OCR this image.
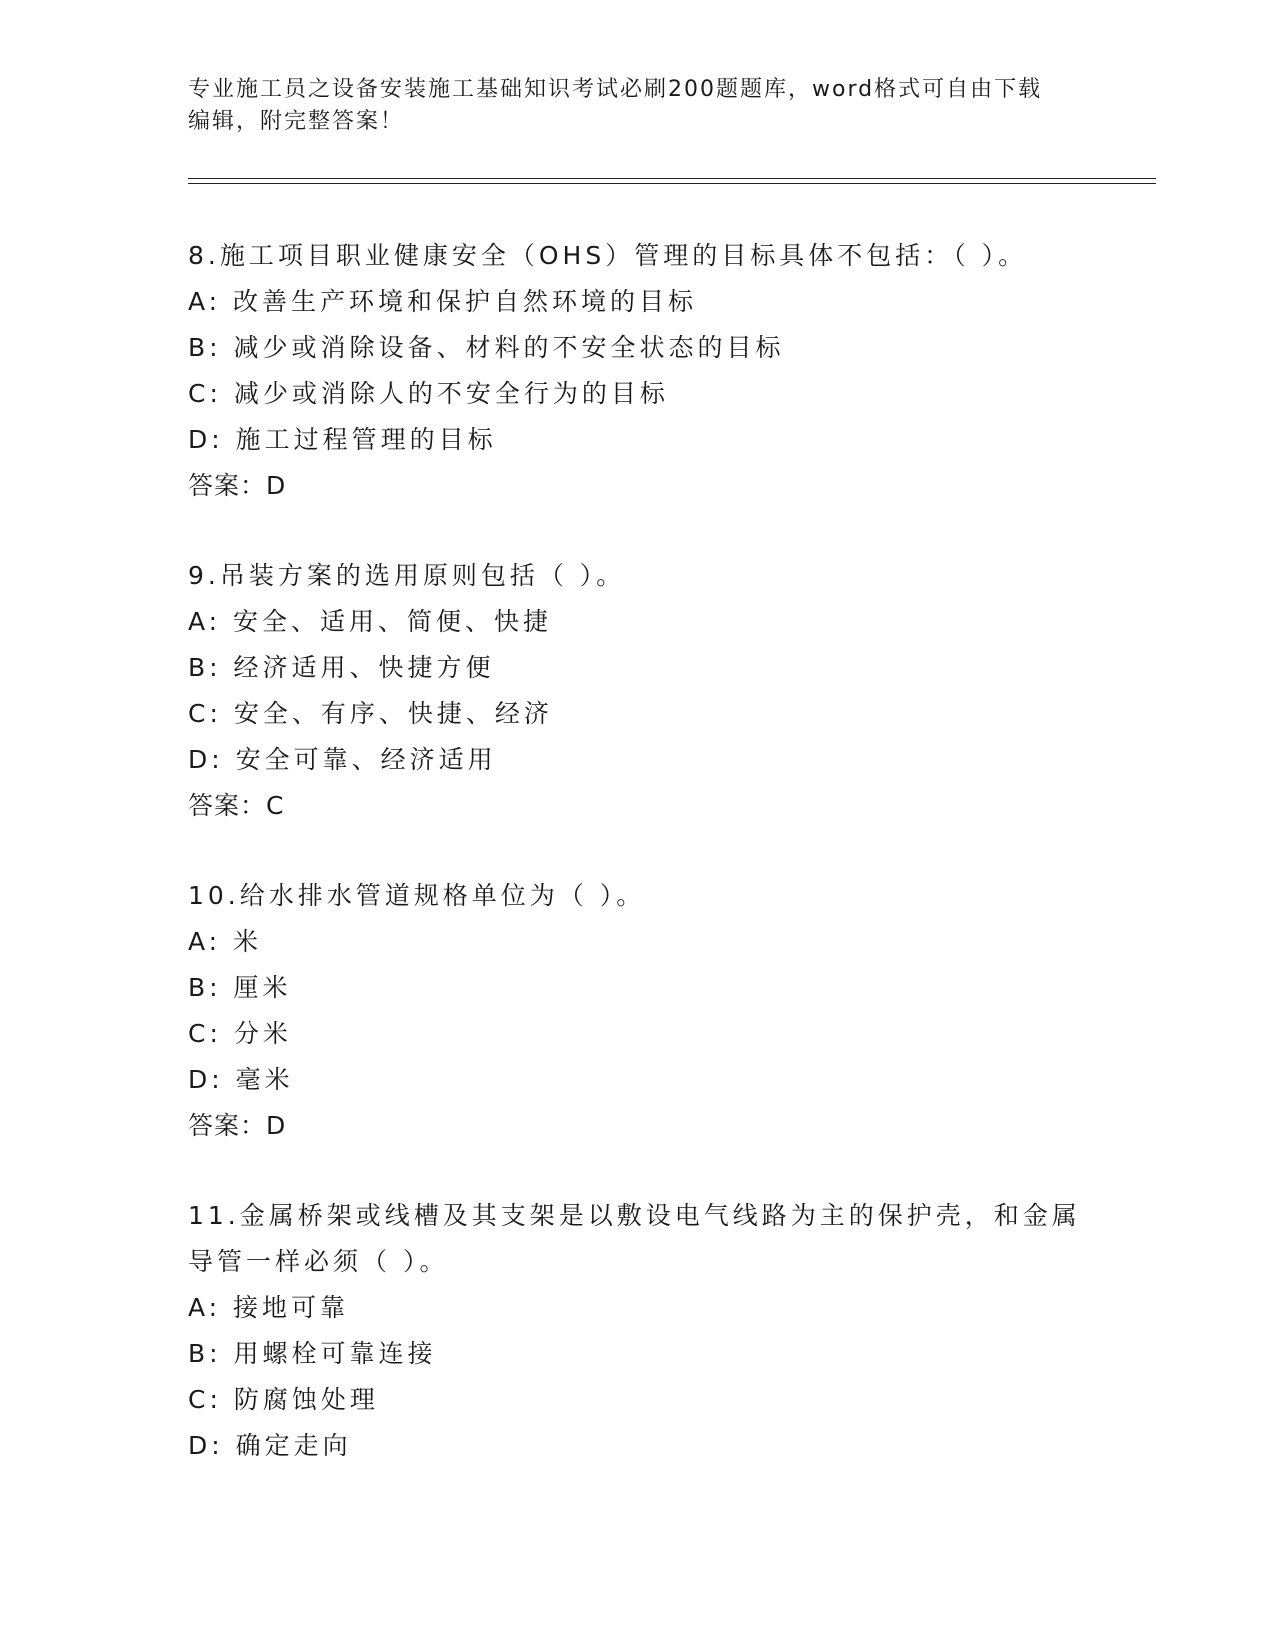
专业施工员之设备安装施工基础知识考试必刷200题题库，word格式可自由下载
编辑，附完整答案！
8.施工项目职业健康安全（OHS）管理的目标具体不包括：（ ）。
A: 改善生产环境和保护自然环境的目标
B: 减少或消除设备、材料的不安全状态的目标
C: 减少或消除人的不安全行为的目标
D: 施工过程管理的目标
答案：D
9.吊装方案的选用原则包括（ ）。
A: 安全、适用、简便、快捷
B: 经济适用、快捷方便
C: 安全、有序、快捷、经济
D: 安全可靠、经济适用
答案：C
10.给水排水管道规格单位为（ ）。
A: 米
B: 厘米
C: 分米
D: 毫米
答案：D
11.金属桥架或线槽及其支架是以敷设电气线路为主的保护壳，和金属
导管一样必须（ ）。
A: 接地可靠
B: 用螺栓可靠连接
C: 防腐蚀处理
D: 确定走向
